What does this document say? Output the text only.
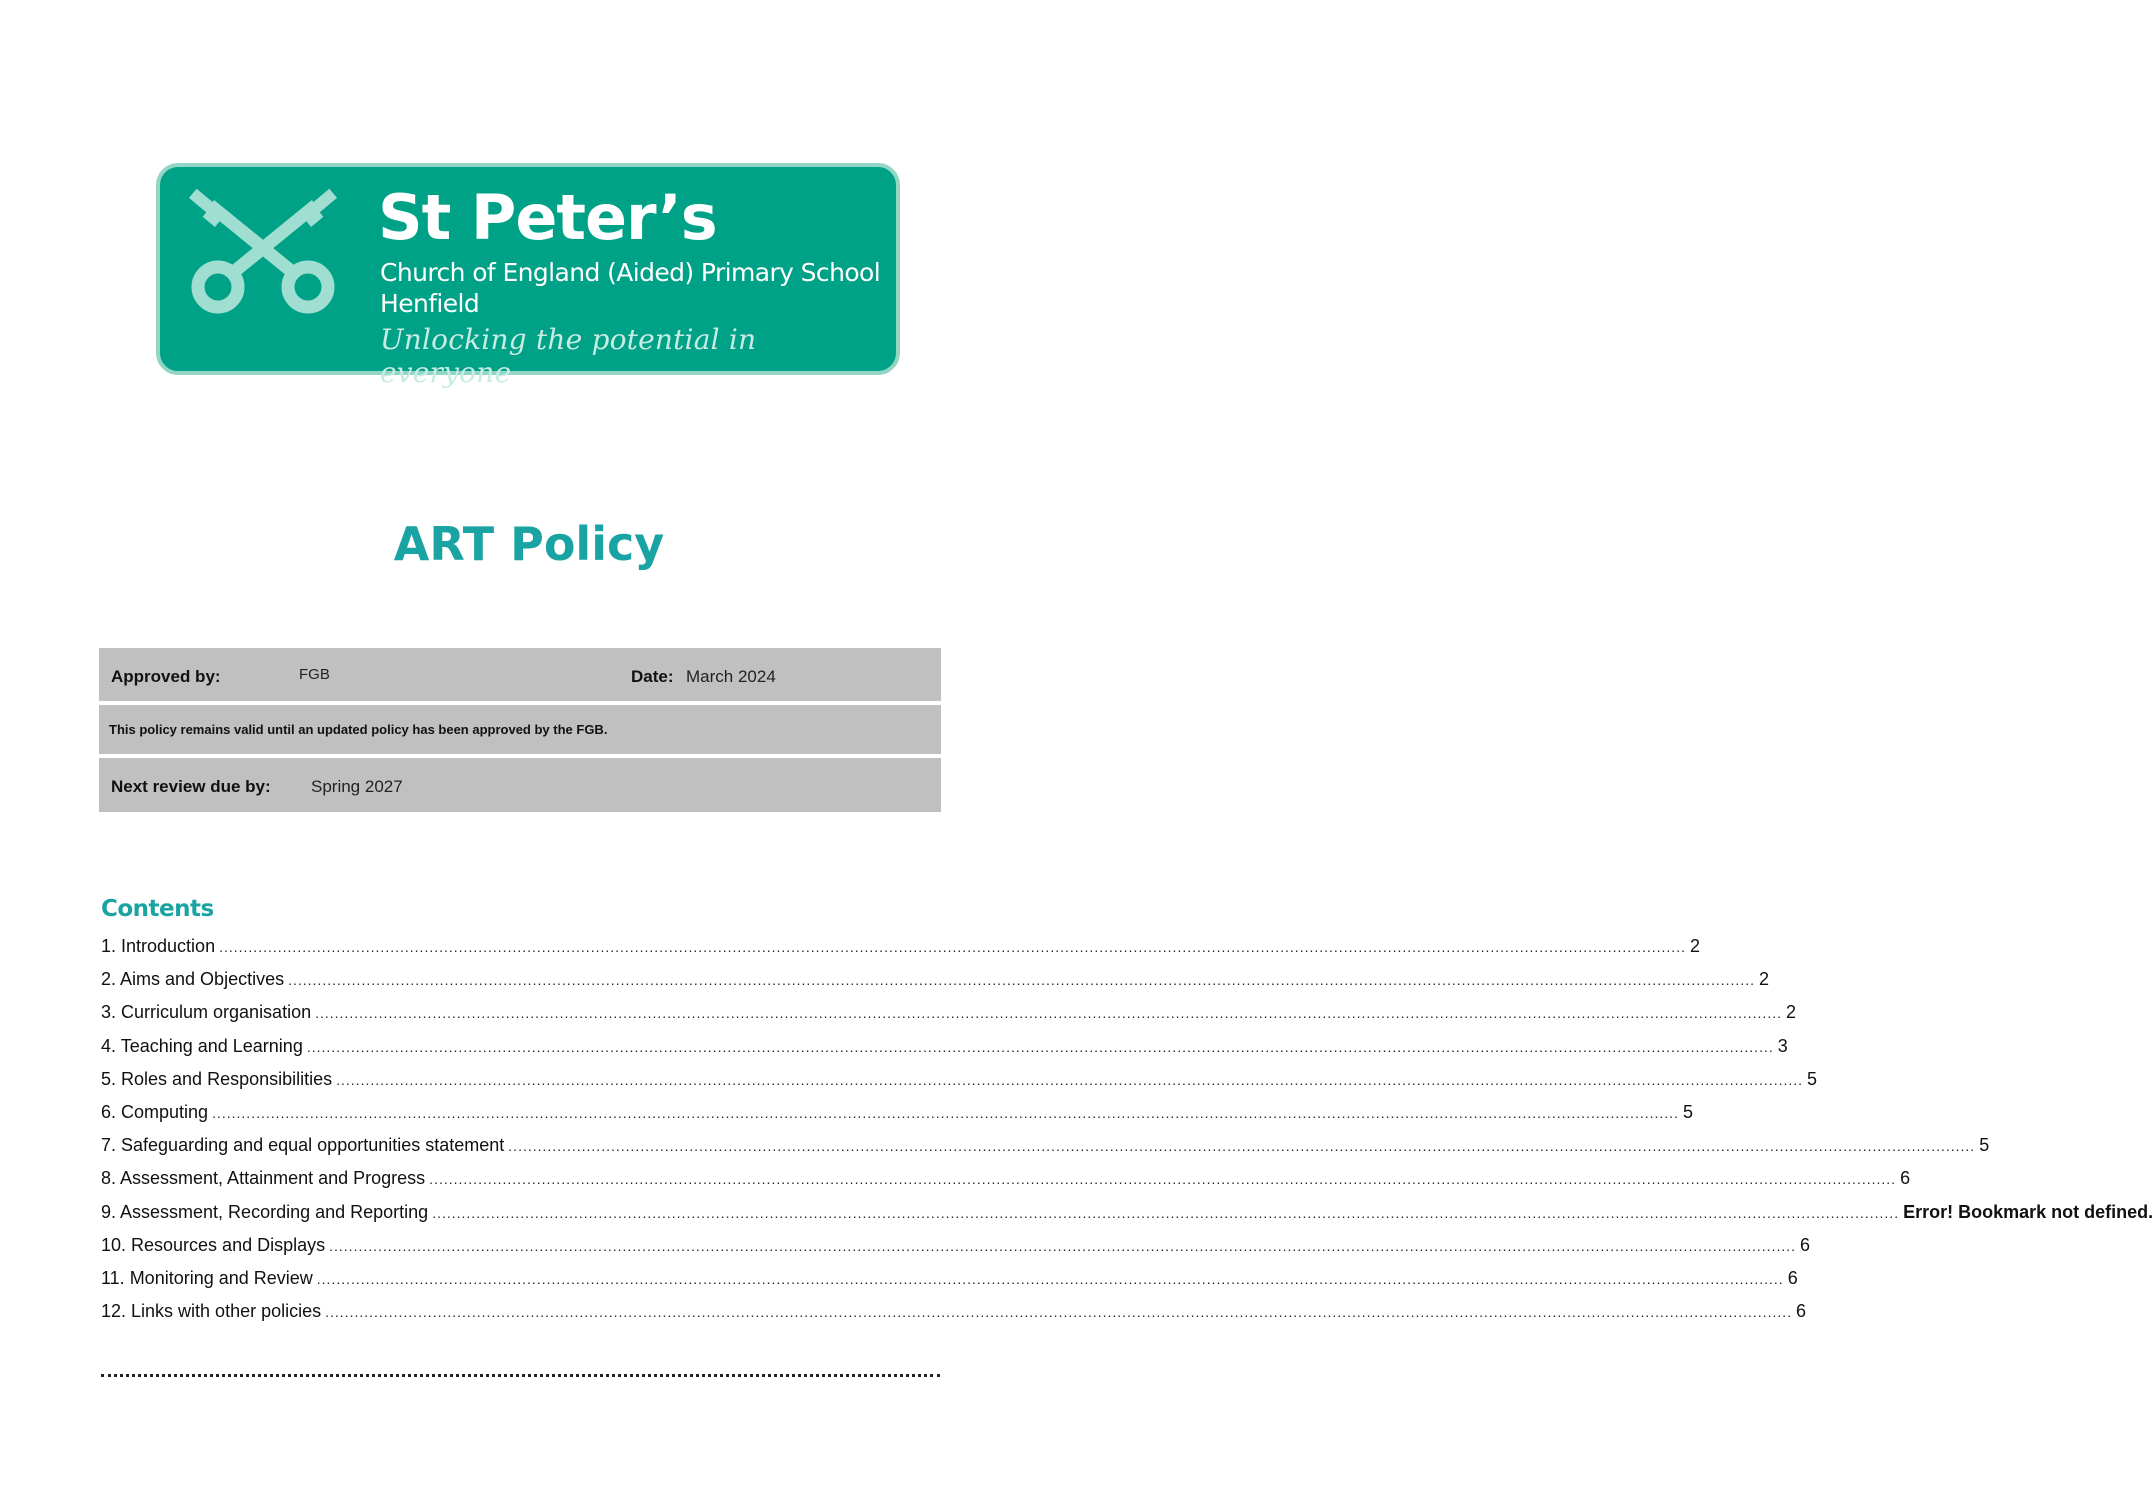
St Peter’s
Church of England (Aided) Primary School
Henfield
Unlocking the potential in everyone
ART Policy
Approved by:	FGB	Date: March 2024
This policy remains valid until an updated policy has been approved by the FGB.
Next review due by: Spring 2027
Contents
1. Introduction ............................................................................................................................................................................................................................................................................................................ 2
2. Aims and Objectives ............................................................................................................................................................................................................................................................................................................ 2
3. Curriculum organisation ............................................................................................................................................................................................................................................................................................................ 2
4. Teaching and Learning ............................................................................................................................................................................................................................................................................................................ 3
5. Roles and Responsibilities ............................................................................................................................................................................................................................................................................................................ 5
6. Computing ............................................................................................................................................................................................................................................................................................................ 5
7. Safeguarding and equal opportunities statement ............................................................................................................................................................................................................................................................................................................ 5
8. Assessment, Attainment and Progress ............................................................................................................................................................................................................................................................................................................ 6
9. Assessment, Recording and Reporting ............................................................................................................................................................................................................................................................................................................ Error! Bookmark not defined.
10. Resources and Displays ............................................................................................................................................................................................................................................................................................................ 6
11. Monitoring and Review ............................................................................................................................................................................................................................................................................................................ 6
12. Links with other policies ............................................................................................................................................................................................................................................................................................................ 6
